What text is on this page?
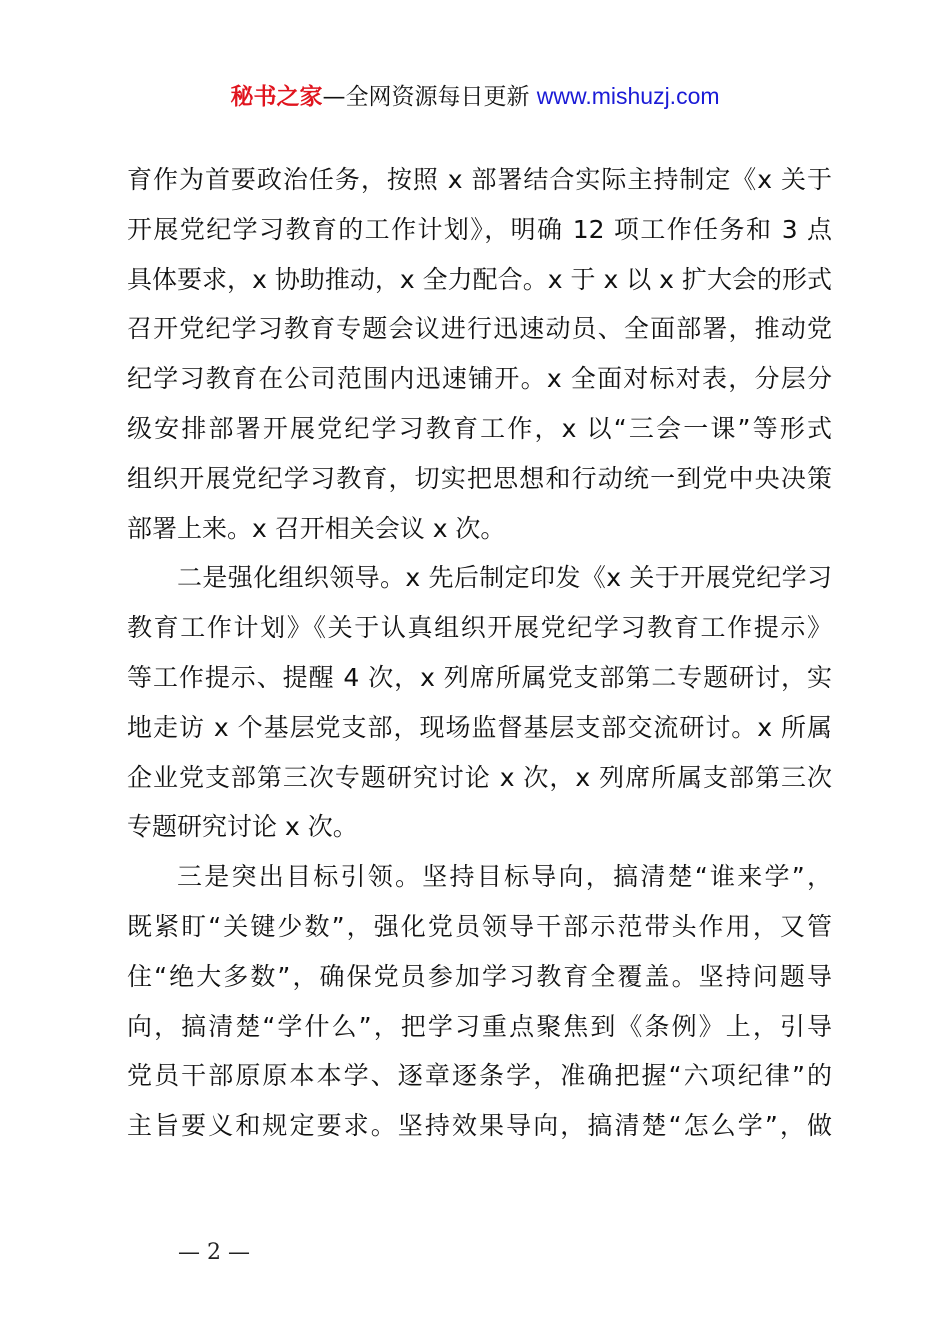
秘书之家—全网资源每日更新 www.mishuzj.com
育作为首要政治任务，按照 x 部署结合实际主持制定《x 关于
开展党纪学习教育的工作计划》，明确 12 项工作任务和 3 点
具体要求，x 协助推动，x 全力配合。x 于 x 以 x 扩大会的形式
召开党纪学习教育专题会议进行迅速动员、全面部署，推动党
纪学习教育在公司范围内迅速铺开。x 全面对标对表，分层分
级安排部署开展党纪学习教育工作，x 以“三会一课”等形式
组织开展党纪学习教育，切实把思想和行动统一到党中央决策
部署上来。x 召开相关会议 x 次。
二是强化组织领导。x 先后制定印发《x 关于开展党纪学习
教育工作计划》《关于认真组织开展党纪学习教育工作提示》
等工作提示、提醒 4 次，x 列席所属党支部第二专题研讨，实
地走访 x 个基层党支部，现场监督基层支部交流研讨。x 所属
企业党支部第三次专题研究讨论 x 次，x 列席所属支部第三次
专题研究讨论 x 次。
三是突出目标引领。坚持目标导向，搞清楚“谁来学”，
既紧盯“关键少数”，强化党员领导干部示范带头作用，又管
住“绝大多数”，确保党员参加学习教育全覆盖。坚持问题导
向，搞清楚“学什么”，把学习重点聚焦到《条例》上，引导
党员干部原原本本学、逐章逐条学，准确把握“六项纪律”的
主旨要义和规定要求。坚持效果导向，搞清楚“怎么学”，做
— 2 —
